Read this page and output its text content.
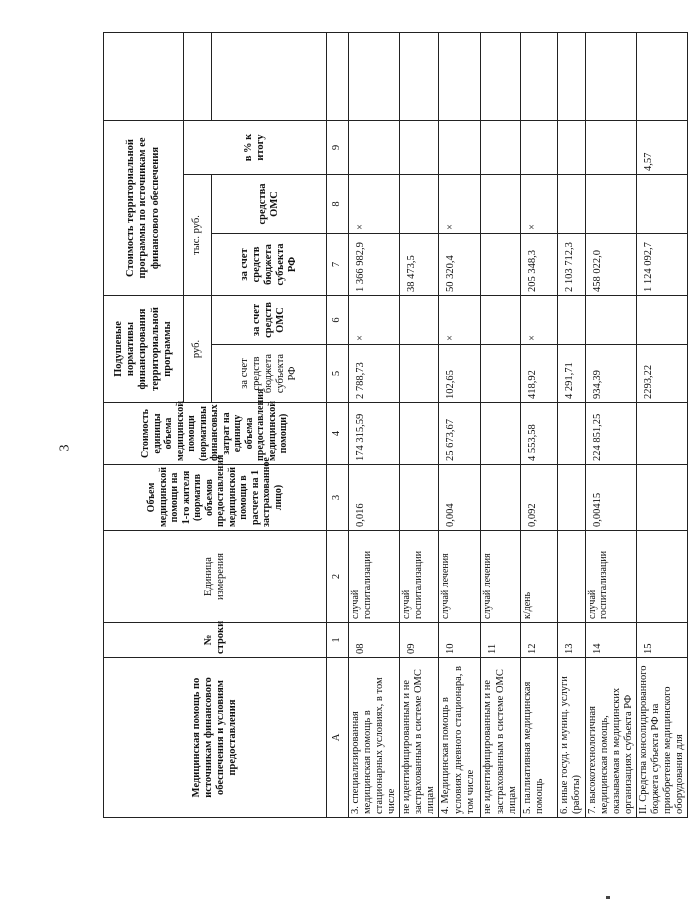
3
Медицинская помощь по источникам финансового обеспечения и условиям предоставления	№ строки	Единица измерения	Объем медицинской помощи на 1-го жителя (норматив объемов предоставления медицинской помощи в расчете на 1 застрахованное лицо)	Стоимость единицы объема медицинской помощи (нормативы финансовых затрат на единицу объема предоставления медицинской помощи)	Подушевые нормативы финансирования территориальной программы		Стоимость территориальной программы по источникам ее финансового обеспечения			
					руб.		тыс. руб.		в % к итогу	
					за счет средств бюджета субъекта РФ	за счет средств ОМС	за счет средств бюджета субъекта РФ	средства ОМС		
А	1	2	3	4	5	6	7	8	9	
3. специализированная медицинская помощь в стационарных условиях, в том числе	08	случай госпитализации	0,016	174 315,59	2 788,73	×	1 366 982,9	×		
не идентифицированным и не застрахованным в системе ОМС лицам	09	случай госпитализации					38 473,5			
4. Медицинская помощь в условиях дневного стационара, в том числе	10	случай лечения	0,004	25 673,67	102,65	×	50 320,4	×		
не идентифицированным и не застрахованным в системе ОМС лицам	11	случай лечения								
5. паллиативная медицинская помощь	12	к/день	0,092	4 553,58	418,92	×	205 348,3	×		
6. иные госуд. и муниц. услуги (работы)	13				4 291,71		2 103 712,3			
7. высокотехнологичная медицинская помощь, оказываемая в медицинских организациях субъекта РФ	14	случай госпитализации	0,00415	224 851,25	934,39		458 022,0			
II. Средства консолидированного бюджета субъекта РФ на приобретение медицинского оборудования для	15				2293,22		1 124 092,7		4,57	
